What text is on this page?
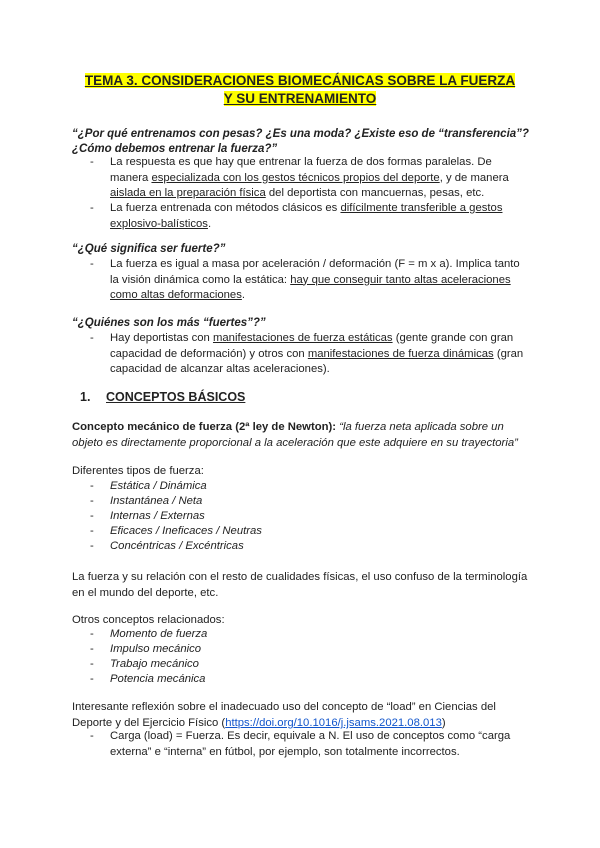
TEMA 3. CONSIDERACIONES BIOMECÁNICAS SOBRE LA FUERZA
Y SU ENTRENAMIENTO
“¿Por qué entrenamos con pesas? ¿Es una moda? ¿Existe eso de “transferencia”?
¿Cómo debemos entrenar la fuerza?”
- La respuesta es que hay que entrenar la fuerza de dos formas paralelas. De manera especializada con los gestos técnicos propios del deporte, y de manera aislada en la preparación física del deportista con mancuernas, pesas, etc.
- La fuerza entrenada con métodos clásicos es difícilmente transferible a gestos explosivo-balísticos.
“¿Qué significa ser fuerte?”
- La fuerza es igual a masa por aceleración / deformación (F = m x a). Implica tanto la visión dinámica como la estática: hay que conseguir tanto altas aceleraciones como altas deformaciones.
“¿Quiénes son los más “fuertes”?”
- Hay deportistas con manifestaciones de fuerza estáticas (gente grande con gran capacidad de deformación) y otros con manifestaciones de fuerza dinámicas (gran capacidad de alcanzar altas aceleraciones).
1. CONCEPTOS BÁSICOS
Concepto mecánico de fuerza (2ª ley de Newton): “la fuerza neta aplicada sobre un objeto es directamente proporcional a la aceleración que este adquiere en su trayectoria”
Diferentes tipos de fuerza:
- Estática / Dinámica
- Instantánea / Neta
- Internas / Externas
- Eficaces / Ineficaces / Neutras
- Concéntricas / Excéntricas
La fuerza y su relación con el resto de cualidades físicas, el uso confuso de la terminología en el mundo del deporte, etc.
Otros conceptos relacionados:
- Momento de fuerza
- Impulso mecánico
- Trabajo mecánico
- Potencia mecánica
Interesante reflexión sobre el inadecuado uso del concepto de “load” en Ciencias del Deporte y del Ejercicio Físico (https://doi.org/10.1016/j.jsams.2021.08.013)
- Carga (load) = Fuerza. Es decir, equivale a N. El uso de conceptos como “carga externa” e “interna” en fútbol, por ejemplo, son totalmente incorrectos.
